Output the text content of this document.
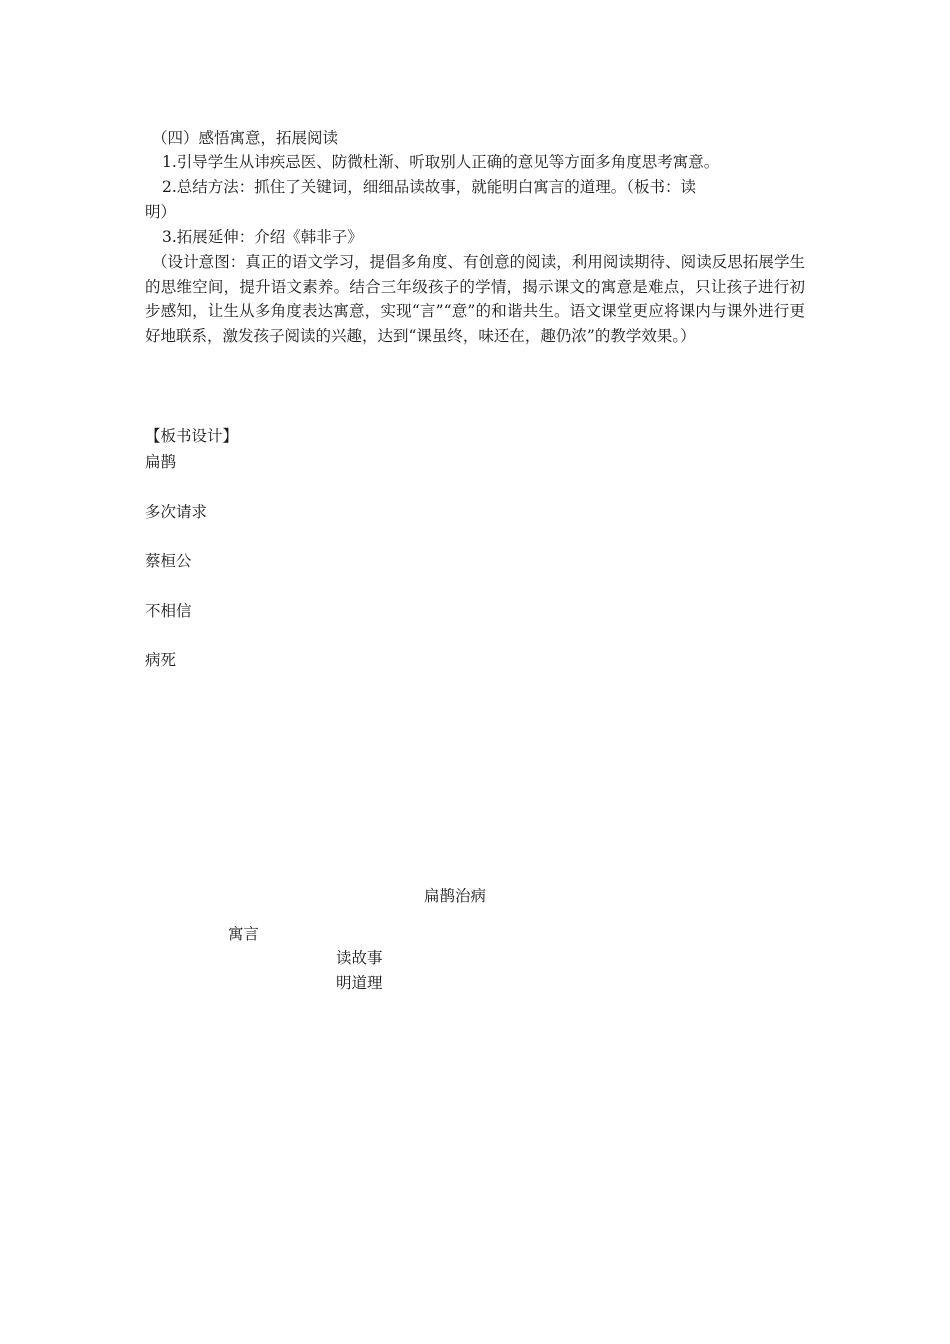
（四）感悟寓意，拓展阅读
1.引导学生从讳疾忌医、防微杜渐、听取别人正确的意见等方面多角度思考寓意。
2.总结方法：抓住了关键词，细细品读故事，就能明白寓言的道理。（板书：读
明）
3.拓展延伸：介绍《韩非子》
（设计意图：真正的语文学习，提倡多角度、有创意的阅读，利用阅读期待、阅读反思拓展学生的思维空间，提升语文素养。结合三年级孩子的学情，揭示课文的寓意是难点，只让孩子进行初步感知，让生从多角度表达寓意，实现“言”“意”的和谐共生。语文课堂更应将课内与课外进行更好地联系，激发孩子阅读的兴趣，达到“课虽终，味还在，趣仍浓”的教学效果。）
【板书设计】
扁鹊
多次请求
蔡桓公
不相信
病死
扁鹊治病
寓言
读故事
明道理
